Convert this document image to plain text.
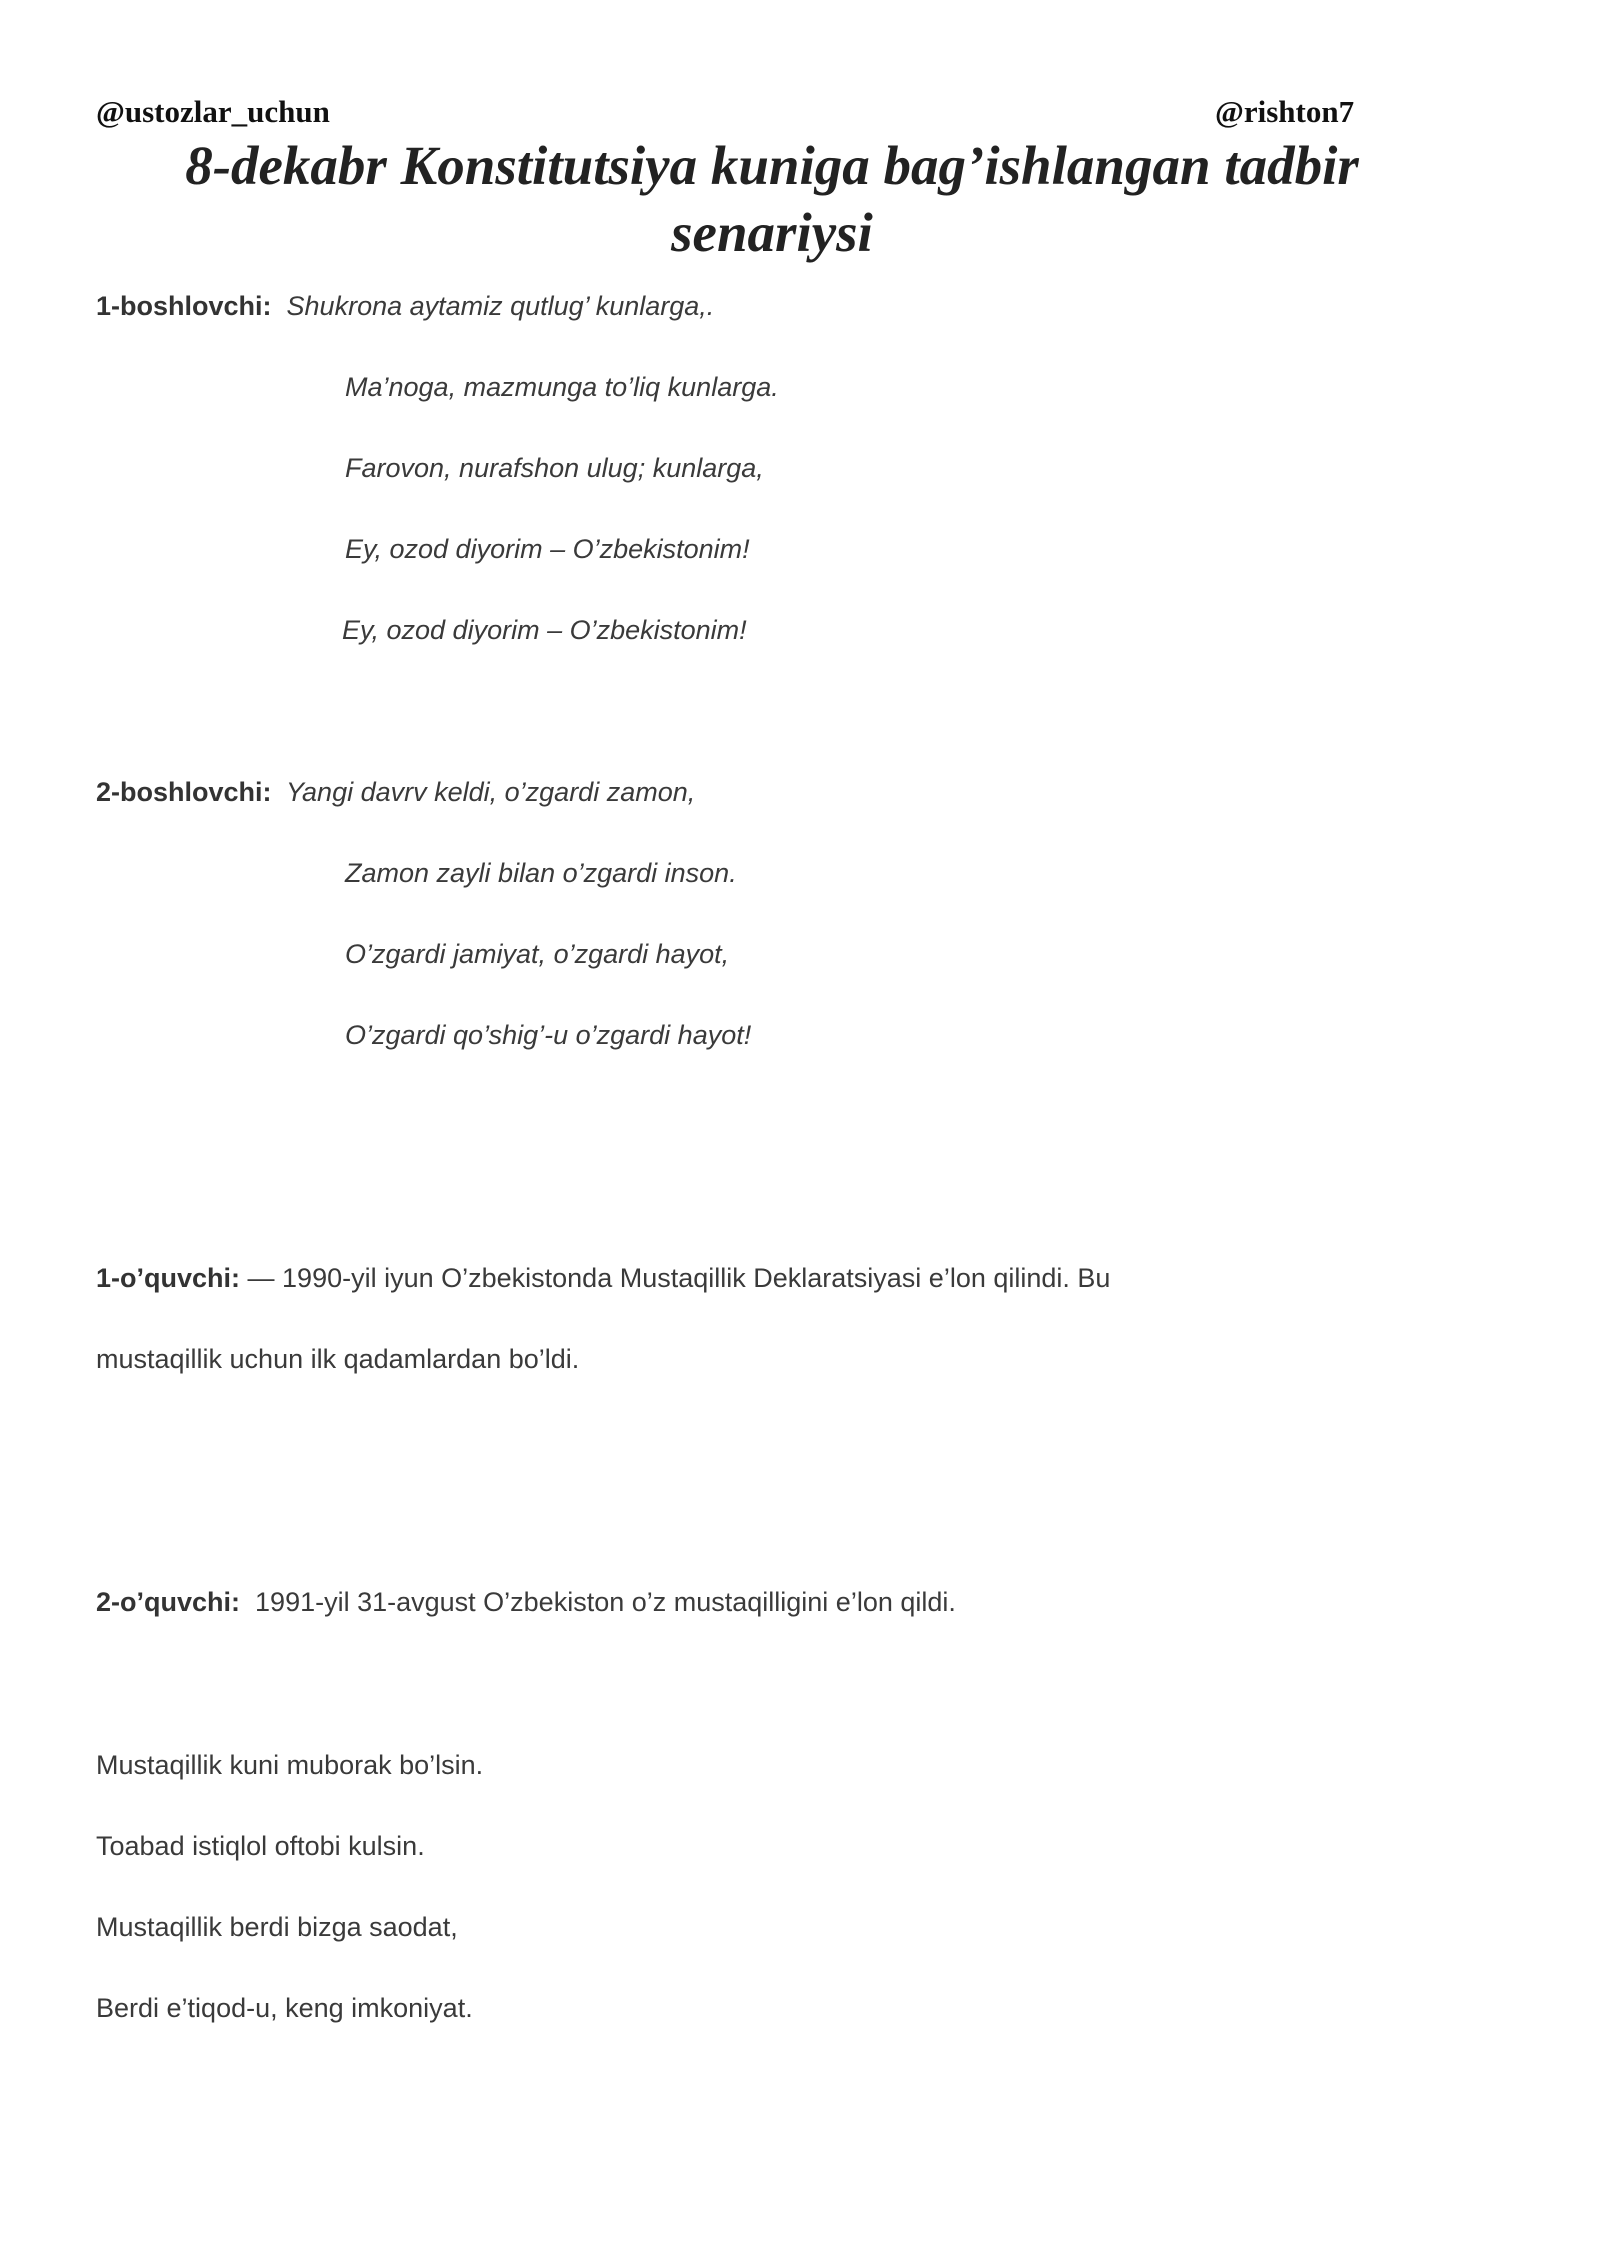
@ustozlar_uchun	@rishton7
8-dekabr Konstitutsiya kuniga bag’ishlangan tadbir
senariysi
1-boshlovchi: Shukrona aytamiz qutlug’ kunlarga,.
Ma’noga, mazmunga to’liq kunlarga.
Farovon, nurafshon ulug; kunlarga,
Ey, ozod diyorim – O’zbekistonim!
Ey, ozod diyorim – O’zbekistonim!
2-boshlovchi: Yangi davrv keldi, o’zgardi zamon,
Zamon zayli bilan o’zgardi inson.
O’zgardi jamiyat, o’zgardi hayot,
O’zgardi qo’shig’-u o’zgardi hayot!
1-o’quvchi: — 1990-yil iyun O’zbekistonda Mustaqillik Deklaratsiyasi e’lon qilindi. Bu
mustaqillik uchun ilk qadamlardan bo’ldi.
2-o’quvchi: 1991-yil 31-avgust O’zbekiston o’z mustaqilligini e’lon qildi.
Mustaqillik kuni muborak bo’lsin.
Toabad istiqlol oftobi kulsin.
Mustaqillik berdi bizga saodat,
Berdi e’tiqod-u, keng imkoniyat.
